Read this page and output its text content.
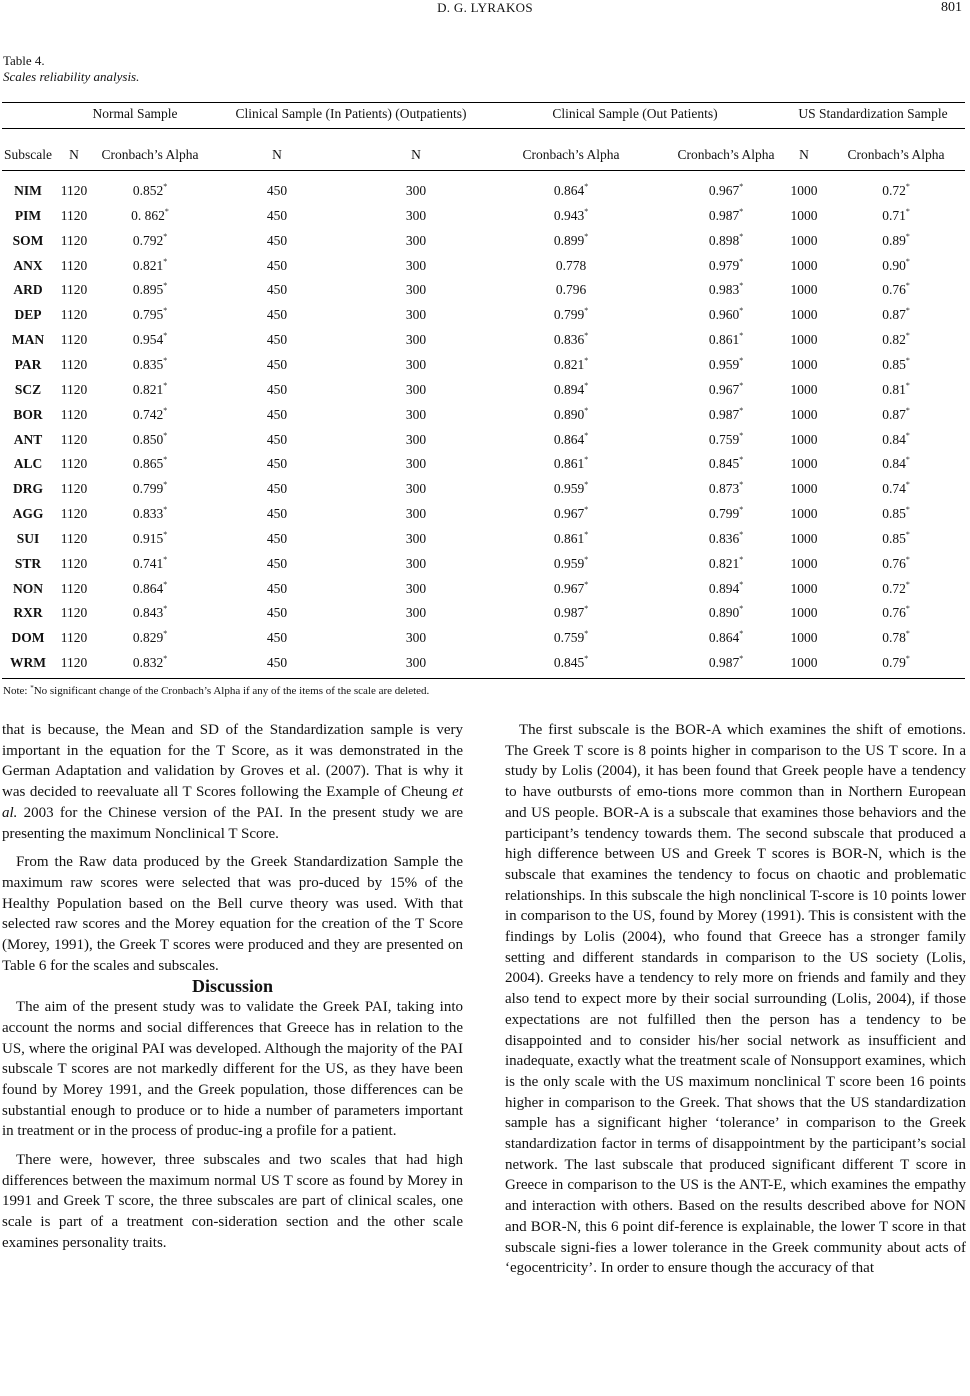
D. G. LYRAKOS	801
Table 4.
Scales reliability analysis.
Normal Sample	Clinical Sample (In Patients) (Outpatients)	Clinical Sample (Out Patients)	US Standardization Sample
Subscale N Cronbach’s Alpha	N	N	Cronbach’s Alpha	Cronbach’s Alpha N	Cronbach’s Alpha
NIM 1120	0.852*	450	300	0.864*	0.967*	1000	0.72*
PIM 1120	0. 862*	450	300	0.943*	0.987*	1000	0.71*
SOM 1120	0.792*	450	300	0.899*	0.898*	1000	0.89*
ANX 1120	0.821*	450	300	0.778	0.979*	1000	0.90*
ARD 1120	0.895*	450	300	0.796	0.983*	1000	0.76*
DEP 1120	0.795*	450	300	0.799*	0.960*	1000	0.87*
MAN 1120	0.954*	450	300	0.836*	0.861*	1000	0.82*
PAR 1120	0.835*	450	300	0.821*	0.959*	1000	0.85*
SCZ 1120	0.821*	450	300	0.894*	0.967*	1000	0.81*
BOR 1120	0.742*	450	300	0.890*	0.987*	1000	0.87*
ANT 1120	0.850*	450	300	0.864*	0.759*	1000	0.84*
ALC 1120	0.865*	450	300	0.861*	0.845*	1000	0.84*
DRG 1120	0.799*	450	300	0.959*	0.873*	1000	0.74*
AGG 1120	0.833*	450	300	0.967*	0.799*	1000	0.85*
SUI 1120	0.915*	450	300	0.861*	0.836*	1000	0.85*
STR 1120	0.741*	450	300	0.959*	0.821*	1000	0.76*
NON 1120	0.864*	450	300	0.967*	0.894*	1000	0.72*
RXR 1120	0.843*	450	300	0.987*	0.890*	1000	0.76*
DOM 1120	0.829*	450	300	0.759*	0.864*	1000	0.78*
WRM 1120	0.832*	450	300	0.845*	0.987*	1000	0.79*
Note: *No significant change of the Cronbach’s Alpha if any of the items of the scale are deleted.

that is because, the Mean and SD of the Standardization sample is very important in the equation for the T Score, as it was demonstrated in the German Adaptation and validation by Groves et al. (2007). That is why it was decided to reevaluate all T Scores following the Example of Cheung et al. 2003 for the Chinese version of the PAI. In the present study we are presenting the maximum Nonclinical T Score.

From the Raw data produced by the Greek Standardization Sample the maximum raw scores were selected that was pro-duced by 15% of the Healthy Population based on the Bell curve theory was used. With that selected raw scores and the Morey equation for the creation of the T Score (Morey, 1991), the Greek T scores were produced and they are presented on Table 6 for the scales and subscales.

Discussion

The aim of the present study was to validate the Greek PAI, taking into account the norms and social differences that Greece has in relation to the US, where the original PAI was developed. Although the majority of the PAI subscale T scores are not markedly different for the US, as they have been found by Morey 1991, and the Greek population, those differences can be substantial enough to produce or to hide a number of parameters important in treatment or in the process of produc-ing a profile for a patient.

There were, however, three subscales and two scales that had high differences between the maximum normal US T score as found by Morey in 1991 and Greek T score, the three subscales are part of clinical scales, one scale is part of a treatment con-sideration section and the other scale examines personality traits.

The first subscale is the BOR-A which examines the shift of emotions. The Greek T score is 8 points higher in comparison to the US T score. In a study by Lolis (2004), it has been found that Greek people have a tendency to have outbursts of emo-tions more common than in Northern European and US people. BOR-A is a subscale that examines those behaviors and the participant’s tendency towards them. The second subscale that produced a high difference between US and Greek T scores is BOR-N, which is the subscale that examines the tendency to focus on chaotic and problematic relationships. In this subscale the high nonclinical T-score is 10 points lower in comparison to the US, found by Morey (1991). This is consistent with the findings by Lolis (2004), who found that Greece has a stronger family setting and different standards in comparison to the US society (Lolis, 2004). Greeks have a tendency to rely more on friends and family and they also tend to expect more by their social surrounding (Lolis, 2004), if those expectations are not fulfilled then the person has a tendency to be disappointed and to consider his/her social network as insufficient and inadequate, exactly what the treatment scale of Nonsupport examines, which is the only scale with the US maximum nonclinical T score been 16 points higher in comparison to the Greek. That shows that the US standardization sample has a significant higher ‘tolerance’ in comparison to the Greek standardization factor in terms of disappointment by the participant’s social network. The last subscale that produced significant different T score in Greece in comparison to the US is the ANT-E, which examines the empathy and interaction with others. Based on the results described above for NON and BOR-N, this 6 point dif-ference is explainable, the lower T score in that subscale signi-fies a lower tolerance in the Greek community about acts of ‘egocentricity’. In order to ensure though the accuracy of that
